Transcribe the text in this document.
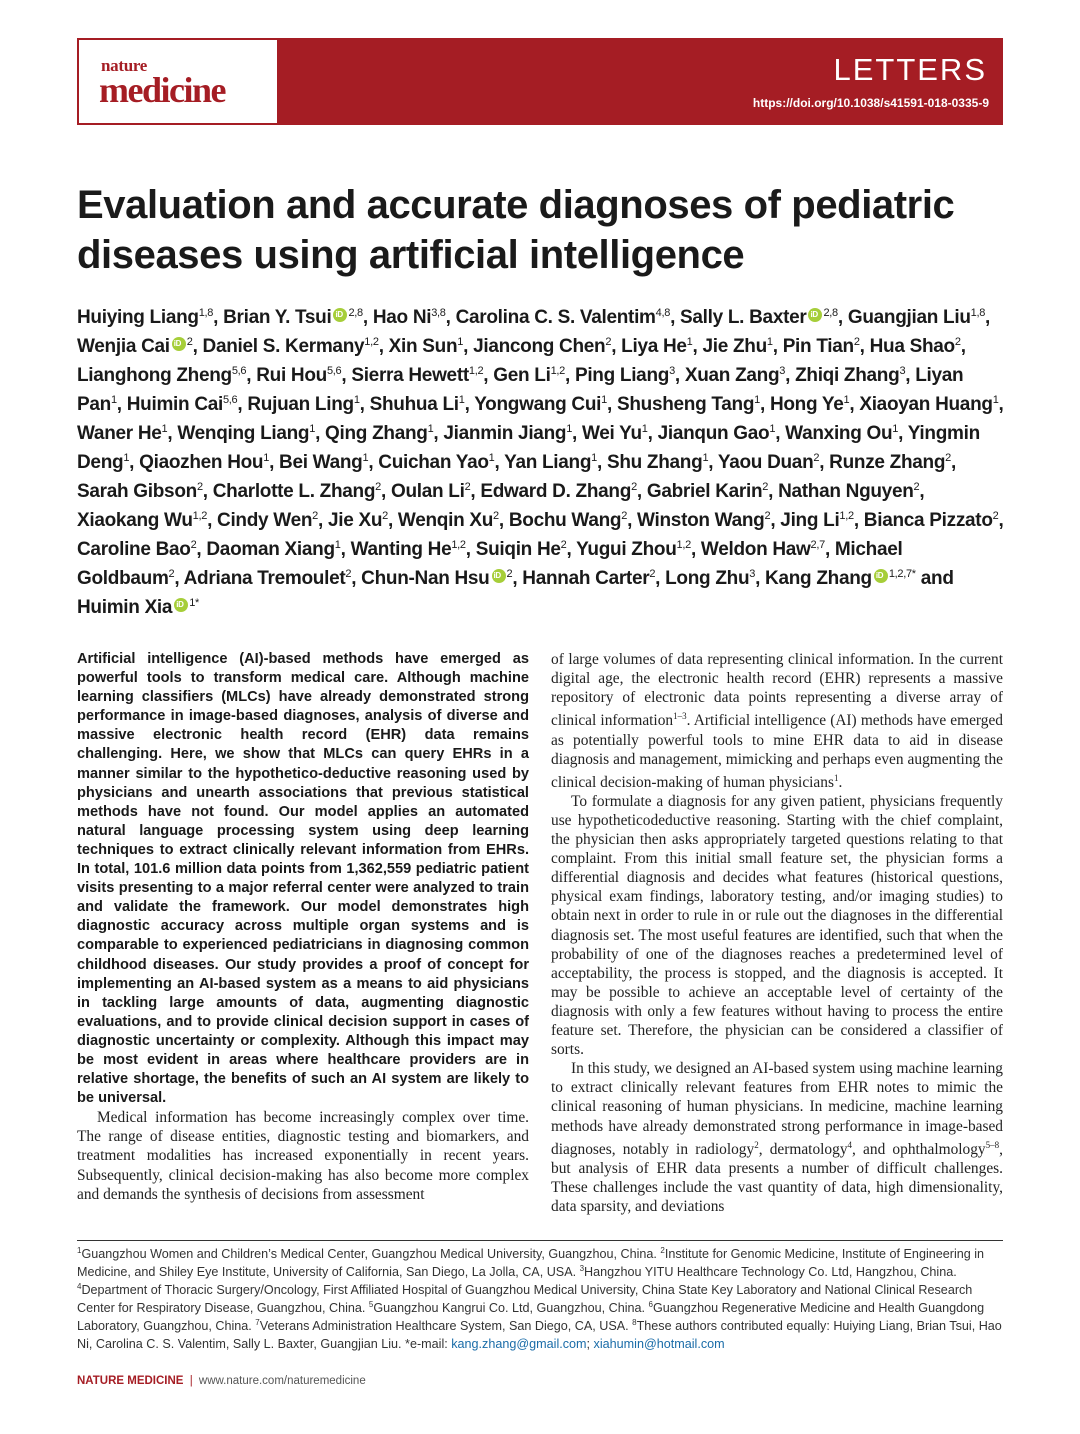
nature
medicine
LETTERS
https://doi.org/10.1038/s41591-018-0335-9
Evaluation and accurate diagnoses of pediatric diseases using artificial intelligence
Huiying Liang$^{1,8}$, Brian Y. Tsui iD $^{2,8}$, Hao Ni$^{3,8}$, Carolina C. S. Valentim$^{4,8}$, Sally L. Baxter iD $^{2,8}$, Guangjian Liu$^{1,8}$, Wenjia Cai iD $^2$, Daniel S. Kermany$^{1,2}$, Xin Sun$^1$, Jiancong Chen$^2$, Liya He$^1$, Jie Zhu$^1$, Pin Tian$^2$, Hua Shao$^2$, Lianghong Zheng$^{5,6}$, Rui Hou$^{5,6}$, Sierra Hewett$^{1,2}$, Gen Li$^{1,2}$, Ping Liang$^3$, Xuan Zang$^3$, Zhiqi Zhang$^3$, Liyan Pan$^1$, Huimin Cai$^{5,6}$, Rujuan Ling$^1$, Shuhua Li$^1$, Yongwang Cui$^1$, Shusheng Tang$^1$, Hong Ye$^1$, Xiaoyan Huang$^1$, Waner He$^1$, Wenqing Liang$^1$, Qing Zhang$^1$, Jianmin Jiang$^1$, Wei Yu$^1$, Jianqun Gao$^1$, Wanxing Ou$^1$, Yingmin Deng$^1$, Qiaozhen Hou$^1$, Bei Wang$^1$, Cuichan Yao$^1$, Yan Liang$^1$, Shu Zhang$^1$, Yaou Duan$^2$, Runze Zhang$^2$, Sarah Gibson$^2$, Charlotte L. Zhang$^2$, Oulan Li$^2$, Edward D. Zhang$^2$, Gabriel Karin$^2$, Nathan Nguyen$^2$, Xiaokang Wu$^{1,2}$, Cindy Wen$^2$, Jie Xu$^2$, Wenqin Xu$^2$, Bochu Wang$^2$, Winston Wang$^2$, Jing Li$^{1,2}$, Bianca Pizzato$^2$, Caroline Bao$^2$, Daoman Xiang$^1$, Wanting He$^{1,2}$, Suiqin He$^2$, Yugui Zhou$^{1,2}$, Weldon Haw$^{2,7}$, Michael Goldbaum$^2$, Adriana Tremoulet$^2$, Chun-Nan Hsu iD $^2$, Hannah Carter$^2$, Long Zhu$^3$, Kang Zhang iD $^{1,2,7*}$ and Huimin Xia iD $^{1*}$

Artificial intelligence (AI)-based methods have emerged as powerful tools to transform medical care. Although machine learning classifiers (MLCs) have already demonstrated strong performance in image-based diagnoses, analysis of diverse and massive electronic health record (EHR) data remains challenging. Here, we show that MLCs can query EHRs in a manner similar to the hypothetico-deductive reasoning used by physicians and unearth associations that previous statistical methods have not found. Our model applies an automated natural language processing system using deep learning techniques to extract clinically relevant information from EHRs. In total, 101.6 million data points from 1,362,559 pediatric patient visits presenting to a major referral center were analyzed to train and validate the framework. Our model demonstrates high diagnostic accuracy across multiple organ systems and is comparable to experienced pediatricians in diagnosing common childhood diseases. Our study provides a proof of concept for implementing an AI-based system as a means to aid physicians in tackling large amounts of data, augmenting diagnostic evaluations, and to provide clinical decision support in cases of diagnostic uncertainty or complexity. Although this impact may be most evident in areas where healthcare providers are in relative shortage, the benefits of such an AI system are likely to be universal.

Medical information has become increasingly complex over time. The range of disease entities, diagnostic testing and biomarkers, and treatment modalities has increased exponentially in recent years. Subsequently, clinical decision-making has also become more complex and demands the synthesis of decisions from assessment

of large volumes of data representing clinical information. In the current digital age, the electronic health record (EHR) represents a massive repository of electronic data points representing a diverse array of clinical information$^{1-3}$. Artificial intelligence (AI) methods have emerged as potentially powerful tools to mine EHR data to aid in disease diagnosis and management, mimicking and perhaps even augmenting the clinical decision-making of human physicians$^1$.

To formulate a diagnosis for any given patient, physicians frequently use hypotheticodeductive reasoning. Starting with the chief complaint, the physician then asks appropriately targeted questions relating to that complaint. From this initial small feature set, the physician forms a differential diagnosis and decides what features (historical questions, physical exam findings, laboratory testing, and/or imaging studies) to obtain next in order to rule in or rule out the diagnoses in the differential diagnosis set. The most useful features are identified, such that when the probability of one of the diagnoses reaches a predetermined level of acceptability, the process is stopped, and the diagnosis is accepted. It may be possible to achieve an acceptable level of certainty of the diagnosis with only a few features without having to process the entire feature set. Therefore, the physician can be considered a classifier of sorts.

In this study, we designed an AI-based system using machine learning to extract clinically relevant features from EHR notes to mimic the clinical reasoning of human physicians. In medicine, machine learning methods have already demonstrated strong performance in image-based diagnoses, notably in radiology$^2$, dermatology$^4$, and ophthalmology$^{5-8}$, but analysis of EHR data presents a number of difficult challenges. These challenges include the vast quantity of data, high dimensionality, data sparsity, and deviations

$^1$Guangzhou Women and Children’s Medical Center, Guangzhou Medical University, Guangzhou, China. $^2$Institute for Genomic Medicine, Institute of Engineering in Medicine, and Shiley Eye Institute, University of California, San Diego, La Jolla, CA, USA. $^3$Hangzhou YITU Healthcare Technology Co. Ltd, Hangzhou, China. $^4$Department of Thoracic Surgery/Oncology, First Affiliated Hospital of Guangzhou Medical University, China State Key Laboratory and National Clinical Research Center for Respiratory Disease, Guangzhou, China. $^5$Guangzhou Kangrui Co. Ltd, Guangzhou, China. $^6$Guangzhou Regenerative Medicine and Health Guangdong Laboratory, Guangzhou, China. $^7$Veterans Administration Healthcare System, San Diego, CA, USA. $^8$These authors contributed equally: Huiying Liang, Brian Tsui, Hao Ni, Carolina C. S. Valentim, Sally L. Baxter, Guangjian Liu. *e-mail: kang.zhang@gmail.com; xiahumin@hotmail.com
NATURE MEDICINE | www.nature.com/naturemedicine
